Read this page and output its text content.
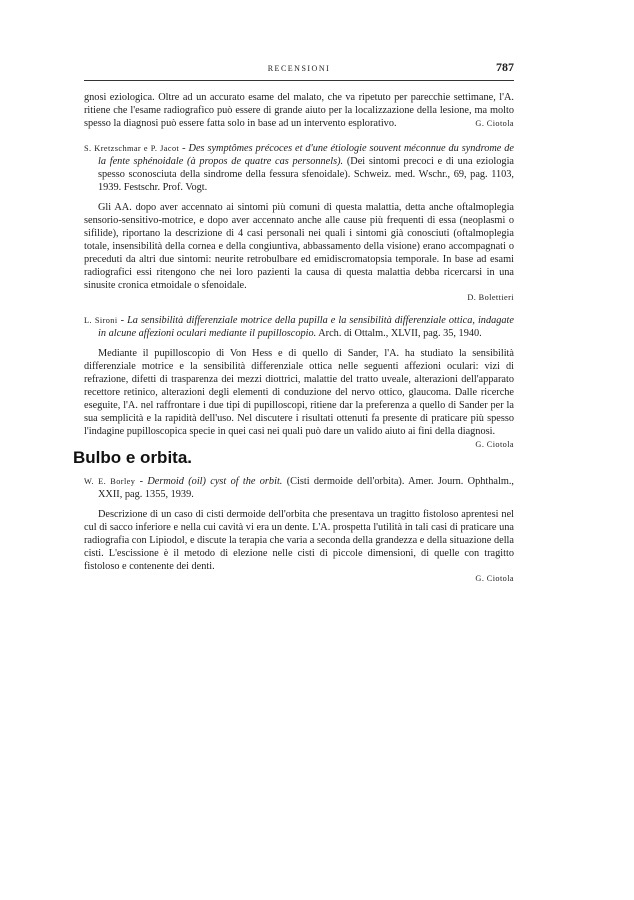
RECENSIONI	787

gnosi eziologica. Oltre ad un accurato esame del malato, che va ripetuto per parecchie settimane, l'A. ritiene che l'esame radiografico può essere di grande aiuto per la localizzazione della lesione, ma molto spesso la diagnosi può essere fatta solo in base ad un intervento esplorativo.	G. Ciotola

S. Kretzschmar e P. Jacot - Des symptômes précoces et d'une étiologie souvent méconnue du syndrome de la fente sphénoidale (à propos de quatre cas personnels). (Dei sintomi precoci e di una eziologia spesso sconosciuta della sindrome della fessura sfenoidale). Schweiz. med. Wschr., 69, pag. 1103, 1939. Festschr. Prof. Vogt.

Gli AA. dopo aver accennato ai sintomi più comuni di questa malattia, detta anche oftalmoplegia sensorio-sensitivo-motrice, e dopo aver accennato anche alle cause più frequenti di essa (neoplasmi o sifilide), riportano la descrizione di 4 casi personali nei quali i sintomi già conosciuti (oftalmoplegia totale, insensibilità della cornea e della congiuntiva, abbassamento della visione) erano accompagnati o preceduti da altri due sintomi: neurite retrobulbare ed emidiscromatopsia temporale. In base ad esami radiografici essi ritengono che nei loro pazienti la causa di questa malattia debba ricercarsi in una sinusite cronica etmoidale o sfenoidale.

D. Bolettieri

L. Sironi - La sensibilità differenziale motrice della pupilla e la sensibilità differenziale ottica, indagate in alcune affezioni oculari mediante il pupilloscopio. Arch. di Ottalm., XLVII, pag. 35, 1940.

Mediante il pupilloscopio di Von Hess e di quello di Sander, l'A. ha studiato la sensibilità differenziale motrice e la sensibilità differenziale ottica nelle seguenti affezioni oculari: vizi di refrazione, difetti di trasparenza dei mezzi diottrici, malattie del tratto uveale, alterazioni dell'apparato recettore retinico, alterazioni degli elementi di conduzione del nervo ottico, glaucoma. Dalle ricerche eseguite, l'A. nel raffrontare i due tipi di pupilloscopi, ritiene dar la preferenza a quello di Sander per la sua semplicità e la rapidità dell'uso. Nel discutere i risultati ottenuti fa presente di praticare più spesso l'indagine pupilloscopica specie in quei casi nei quali può dare un valido aiuto ai fini della diagnosi.
G. Ciotola

Bulbo e orbita.

W. E. Borley - Dermoid (oil) cyst of the orbit. (Cisti dermoide dell'orbita). Amer. Journ. Ophthalm., XXII, pag. 1355, 1939.

Descrizione di un caso di cisti dermoide dell'orbita che presentava un tragitto fistoloso aprentesi nel cul di sacco inferiore e nella cui cavità vi era un dente. L'A. prospetta l'utilità in tali casi di praticare una radiografia con Lipiodol, e discute la terapia che varia a seconda della grandezza e della situazione della cisti. L'escissione è il metodo di elezione nelle cisti di piccole dimensioni, di quelle con tragitto fistoloso e contenente dei denti.

G. Ciotola
